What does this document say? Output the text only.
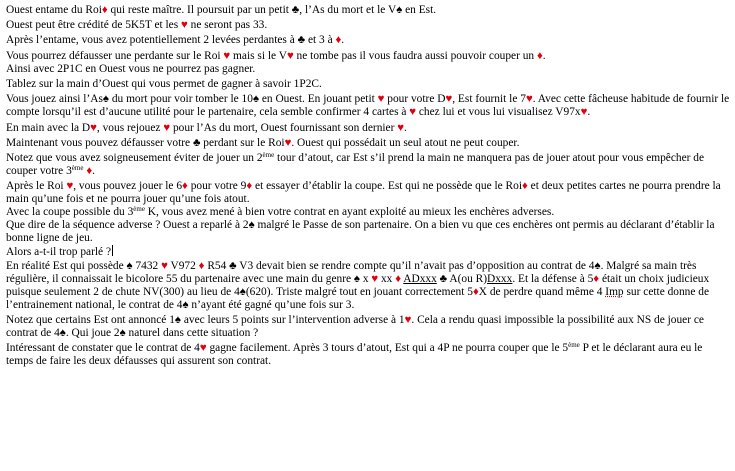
Ouest entame du Roi♦ qui reste maître. Il poursuit par un petit ♣, l’As du mort et le V♠ en Est.
Ouest peut être crédité de 5K5T et les ♥ ne seront pas 33.
Après l’entame, vous avez potentiellement 2 levées perdantes à ♣ et 3 à ♦.
Vous pourrez défausser une perdante sur le Roi ♥ mais si le V♥ ne tombe pas il vous faudra aussi pouvoir couper un ♦.
Ainsi avec 2P1C en Ouest vous ne pourrez pas gagner.
Tablez sur la main d’Ouest qui vous permet de gagner à savoir 1P2C.
Vous jouez ainsi l’As♠ du mort pour voir tomber le 10♠ en Ouest. En jouant petit ♥ pour votre D♥, Est fournit le 7♥. Avec cette fâcheuse habitude de fournir le compte lorsqu’il est d’aucune utilité pour le partenaire, cela semble confirmer 4 cartes à ♥ chez lui et vous lui visualisez V97x♥.
En main avec la D♥, vous rejouez ♥ pour l’As du mort, Ouest fournissant son dernier ♥.
Maintenant vous pouvez défausser votre ♣ perdant sur le Roi♥. Ouest qui possédait un seul atout ne peut couper.
Notez que vous avez soigneusement éviter de jouer un 2ème tour d’atout, car Est s’il prend la main ne manquera pas de jouer atout pour vous empêcher de couper votre 3ème ♦.
Après le Roi ♥, vous pouvez jouer le 6♦ pour votre 9♦ et essayer d’établir la coupe. Est qui ne possède que le Roi♦ et deux petites cartes ne pourra prendre la main qu’une fois et ne pourra jouer qu’une fois atout.
Avec la coupe possible du 3ème K, vous avez mené à bien votre contrat en ayant exploité au mieux les enchères adverses.
Que dire de la séquence adverse ? Ouest a reparlé à 2♠ malgré le Passe de son partenaire. On a bien vu que ces enchères ont permis au déclarant d’établir la bonne ligne de jeu.
Alors a-t-il trop parlé ?
En réalité Est qui possède ♠ 7432 ♥ V972 ♦ R54 ♣ V3 devait bien se rendre compte qu’il n’avait pas d’opposition au contrat de 4♠. Malgré sa main très régulière, il connaissait le bicolore 55 du partenaire avec une main du genre ♠ x ♥ xx ♦ ADxxx ♣ A(ou R)Dxxx. Et la défense à 5♦ était un choix judicieux puisque seulement 2 de chute NV(300) au lieu de 4♠(620). Triste malgré tout en jouant correctement 5♦X de perdre quand même 4 Imp sur cette donne de l’entrainement national, le contrat de 4♠ n’ayant été gagné qu’une fois sur 3.
Notez que certains Est ont annoncé 1♠ avec leurs 5 points sur l’intervention adverse à 1♥. Cela a rendu quasi impossible la possibilité aux NS de jouer ce contrat de 4♠. Qui joue 2♠ naturel dans cette situation ?
Intéressant de constater que le contrat de 4♥ gagne facilement. Après 3 tours d’atout, Est qui a 4P ne pourra couper que le 5ème P et le déclarant aura eu le temps de faire les deux défausses qui assurent son contrat.
